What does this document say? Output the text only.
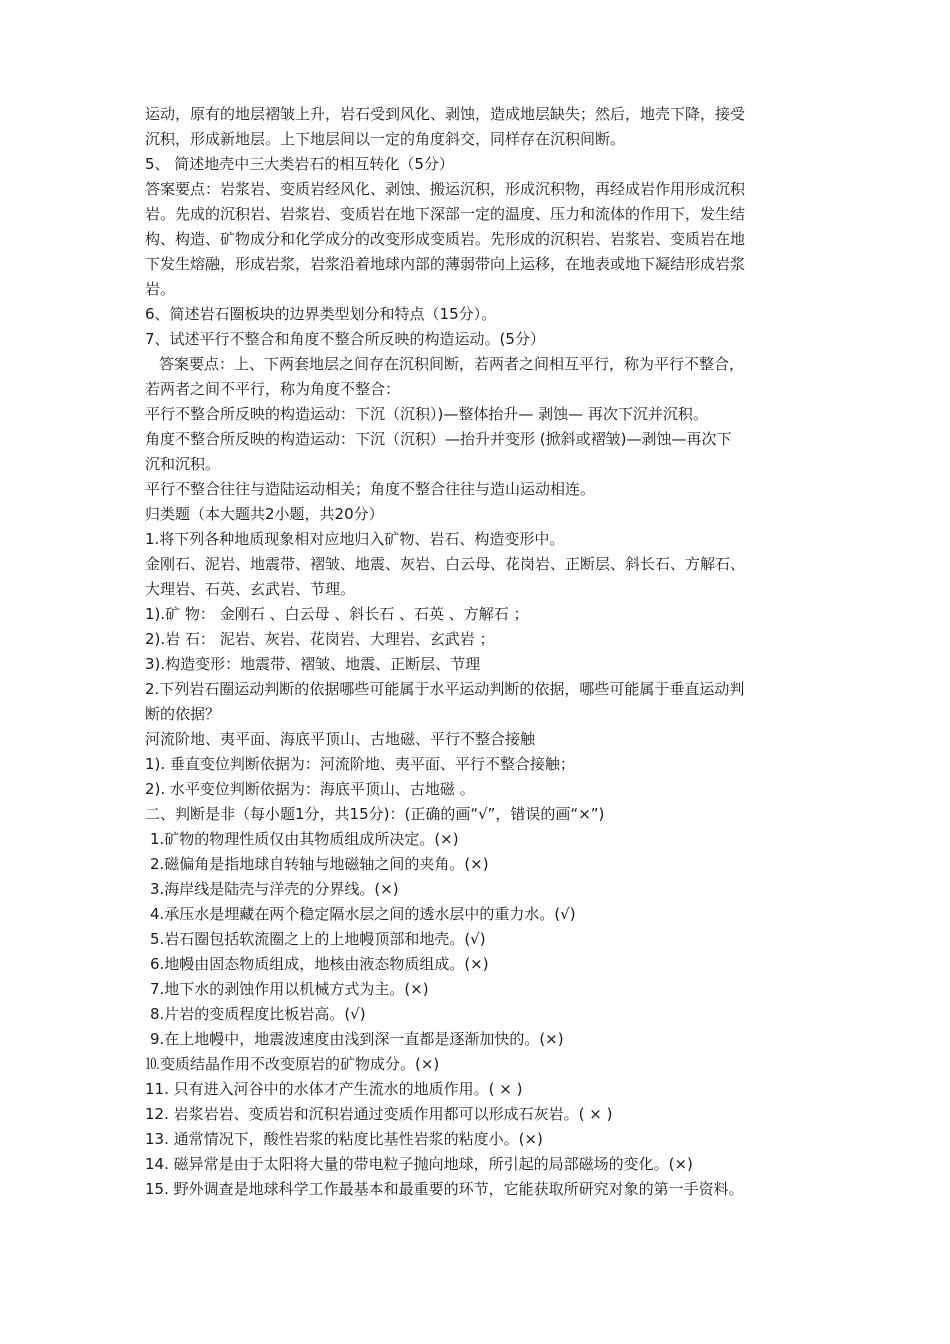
运动，原有的地层褶皱上升，岩石受到风化、剥蚀，造成地层缺失；然后，地壳下降，接受
沉积，形成新地层。上下地层间以一定的角度斜交，同样存在沉积间断。
5、 简述地壳中三大类岩石的相互转化（5分）
答案要点：岩浆岩、变质岩经风化、剥蚀、搬运沉积，形成沉积物，再经成岩作用形成沉积
岩。先成的沉积岩、岩浆岩、变质岩在地下深部一定的温度、压力和流体的作用下，发生结
构、构造、矿物成分和化学成分的改变形成变质岩。先形成的沉积岩、岩浆岩、变质岩在地
下发生熔融，形成岩浆，岩浆沿着地球内部的薄弱带向上运移，在地表或地下凝结形成岩浆
岩。
6、简述岩石圈板块的边界类型划分和特点（15分）。
7、试述平行不整合和角度不整合所反映的构造运动。(5分）
答案要点：上、下两套地层之间存在沉积间断，若两者之间相互平行，称为平行不整合，
若两者之间不平行，称为角度不整合：
平行不整合所反映的构造运动：下沉（沉积）)—整体抬升— 剥蚀— 再次下沉并沉积。
角度不整合所反映的构造运动：下沉（沉积）—抬升并变形 (掀斜或褶皱)—剥蚀—再次下
沉和沉积。
平行不整合往往与造陆运动相关；角度不整合往往与造山运动相连。
归类题（本大题共2小题，共20分）
1.将下列各种地质现象相对应地归入矿物、岩石、构造变形中。
金刚石、泥岩、地震带、褶皱、地震、灰岩、白云母、花岗岩、正断层、斜长石、方解石、
大理岩、石英、玄武岩、节理。
1).矿 物： 金刚石 、白云母 、斜长石 、石英 、方解石 ；
2).岩 石： 泥岩、灰岩、花岗岩、大理岩、玄武岩 ；
3).构造变形：地震带、褶皱、地震、正断层、节理
2.下列岩石圈运动判断的依据哪些可能属于水平运动判断的依据，哪些可能属于垂直运动判
断的依据？
河流阶地、夷平面、海底平顶山、古地磁、平行不整合接触
1). 垂直变位判断依据为：河流阶地、夷平面、平行不整合接触；
2). 水平变位判断依据为：海底平顶山、古地磁 。
二、判断是非（每小题1分，共15分)：(正确的画“√”，错误的画“×”)
1.矿物的物理性质仅由其物质组成所决定。(×)
2.磁偏角是指地球自转轴与地磁轴之间的夹角。(×)
3.海岸线是陆壳与洋壳的分界线。(×)
4.承压水是埋藏在两个稳定隔水层之间的透水层中的重力水。(√)
5.岩石圈包括软流圈之上的上地幔顶部和地壳。(√)
6.地幔由固态物质组成，地核由液态物质组成。(×)
7.地下水的剥蚀作用以机械方式为主。(×)
8.片岩的变质程度比板岩高。(√)
9.在上地幔中，地震波速度由浅到深一直都是逐渐加快的。(×)
⒑变质结晶作用不改变原岩的矿物成分。(×)
11. 只有进入河谷中的水体才产生流水的地质作用。( × )
12. 岩浆岩岩、变质岩和沉积岩通过变质作用都可以形成石灰岩。( × )
13. 通常情况下，酸性岩浆的粘度比基性岩浆的粘度小。(×)
14. 磁异常是由于太阳将大量的带电粒子抛向地球，所引起的局部磁场的变化。(×)
15. 野外调查是地球科学工作最基本和最重要的环节，它能获取所研究对象的第一手资料。
